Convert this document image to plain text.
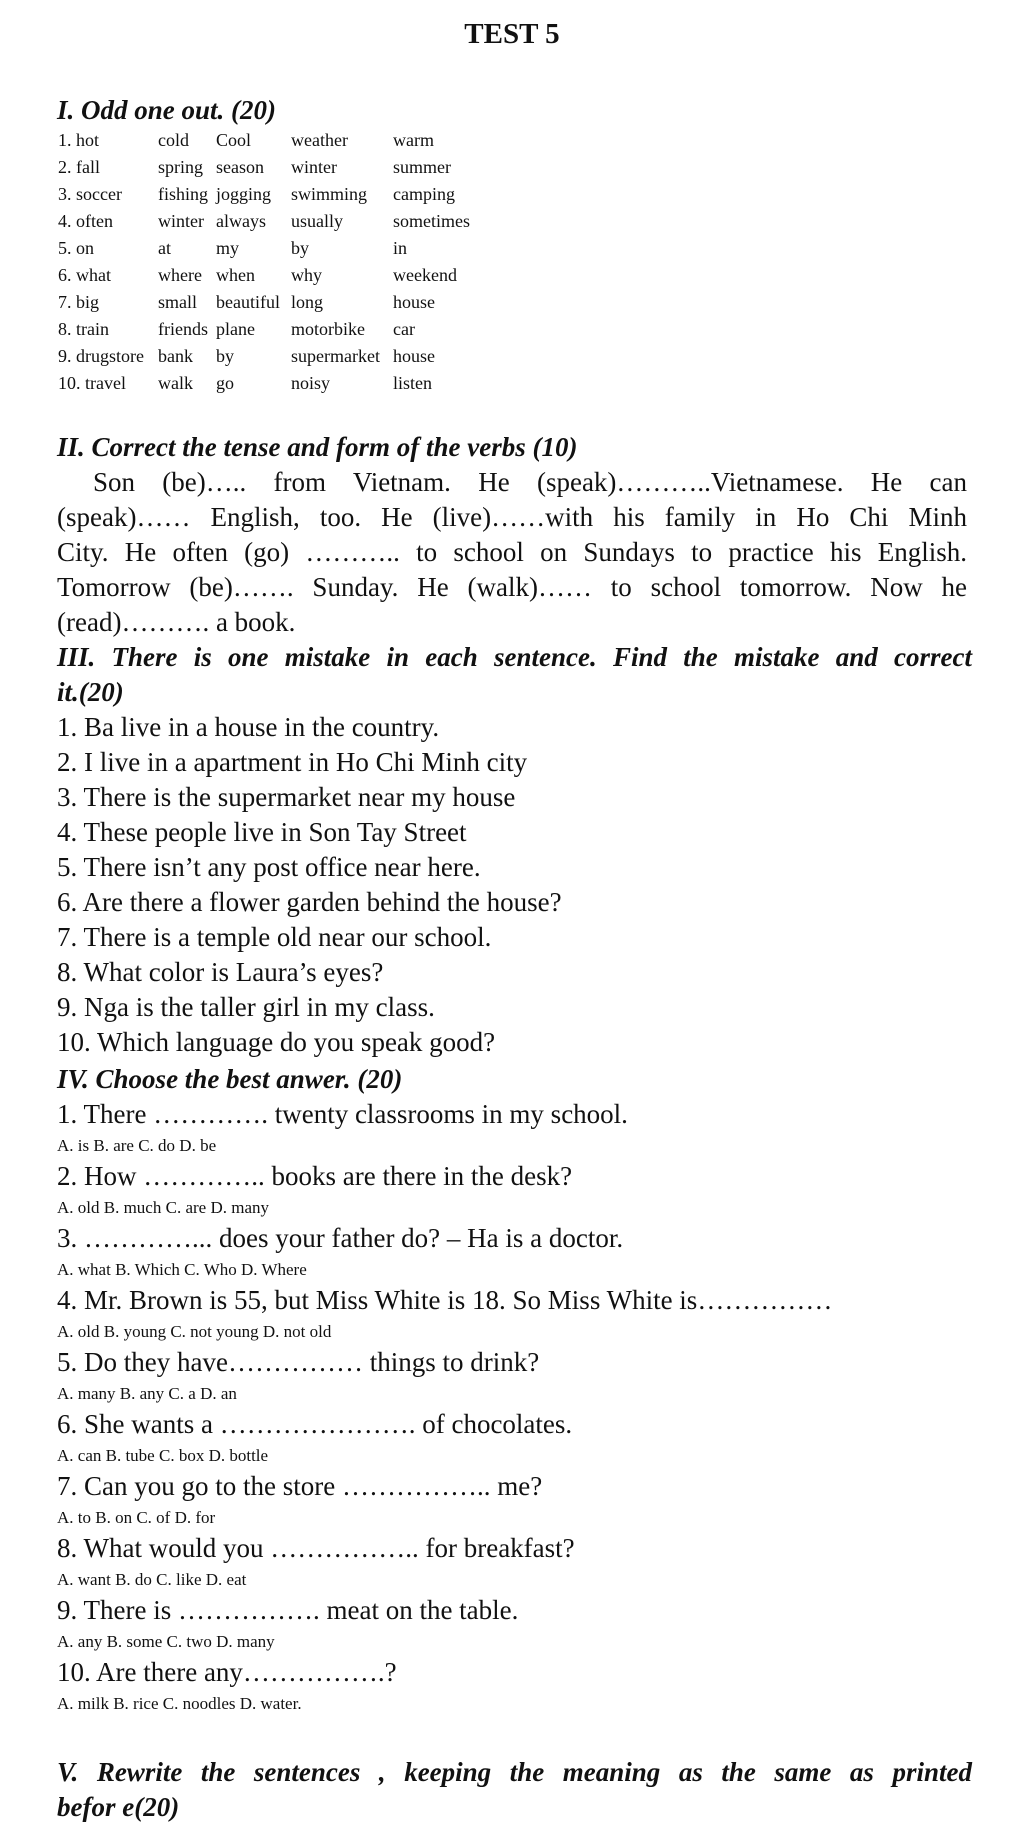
TEST 5
I. Odd one out. (20)
1. hot	cold	Cool	weather	warm
2. fall	spring	season	winter	summer
3. soccer	fishing	jogging	swimming	camping
4. often	winter	always	usually	sometimes
5. on	at	my	by	in
6. what	where	when	why	weekend
7. big	small	beautiful	long	house
8. train	friends	plane	motorbike	car
9. drugstore	bank	by	supermarket	house
10. travel	walk	go	noisy	listen
II. Correct the tense and form of the verbs (10)
Son (be)….. from Vietnam. He (speak)………..Vietnamese. He can
(speak)…… English, too. He (live)……with his family in Ho Chi Minh
City. He often (go) ……….. to school on Sundays to practice his English.
Tomorrow (be)……. Sunday. He (walk)…… to school tomorrow. Now he
(read)………. a book.
III. There is one mistake in each sentence. Find the mistake and correct
it.(20)
1. Ba live in a house in the country.
2. I live in a apartment in Ho Chi Minh city
3. There is the supermarket near my house
4. These people live in Son Tay Street
5. There isn’t any post office near here.
6. Are there a flower garden behind the house?
7. There is a temple old near our school.
8. What color is Laura’s eyes?
9. Nga is the taller girl in my class.
10. Which language do you speak good?
IV. Choose the best anwer. (20)
1. There …………. twenty classrooms in my school.
A. is B. are C. do D. be
2. How ………….. books are there in the desk?
A. old B. much C. are D. many
3. …………... does your father do? – Ha is a doctor.
A. what B. Which C. Who D. Where
4. Mr. Brown is 55, but Miss White is 18. So Miss White is……………
A. old B. young C. not young D. not old
5. Do they have…………… things to drink?
A. many B. any C. a D. an
6. She wants a …………………. of chocolates.
A. can B. tube C. box D. bottle
7. Can you go to the store …………….. me?
A. to B. on C. of D. for
8. What would you …………….. for breakfast?
A. want B. do C. like D. eat
9. There is ……………. meat on the table.
A. any B. some C. two D. many
10. Are there any…………….?
A. milk B. rice C. noodles D. water.
V. Rewrite the sentences , keeping the meaning as the same as printed
befor e(20)
